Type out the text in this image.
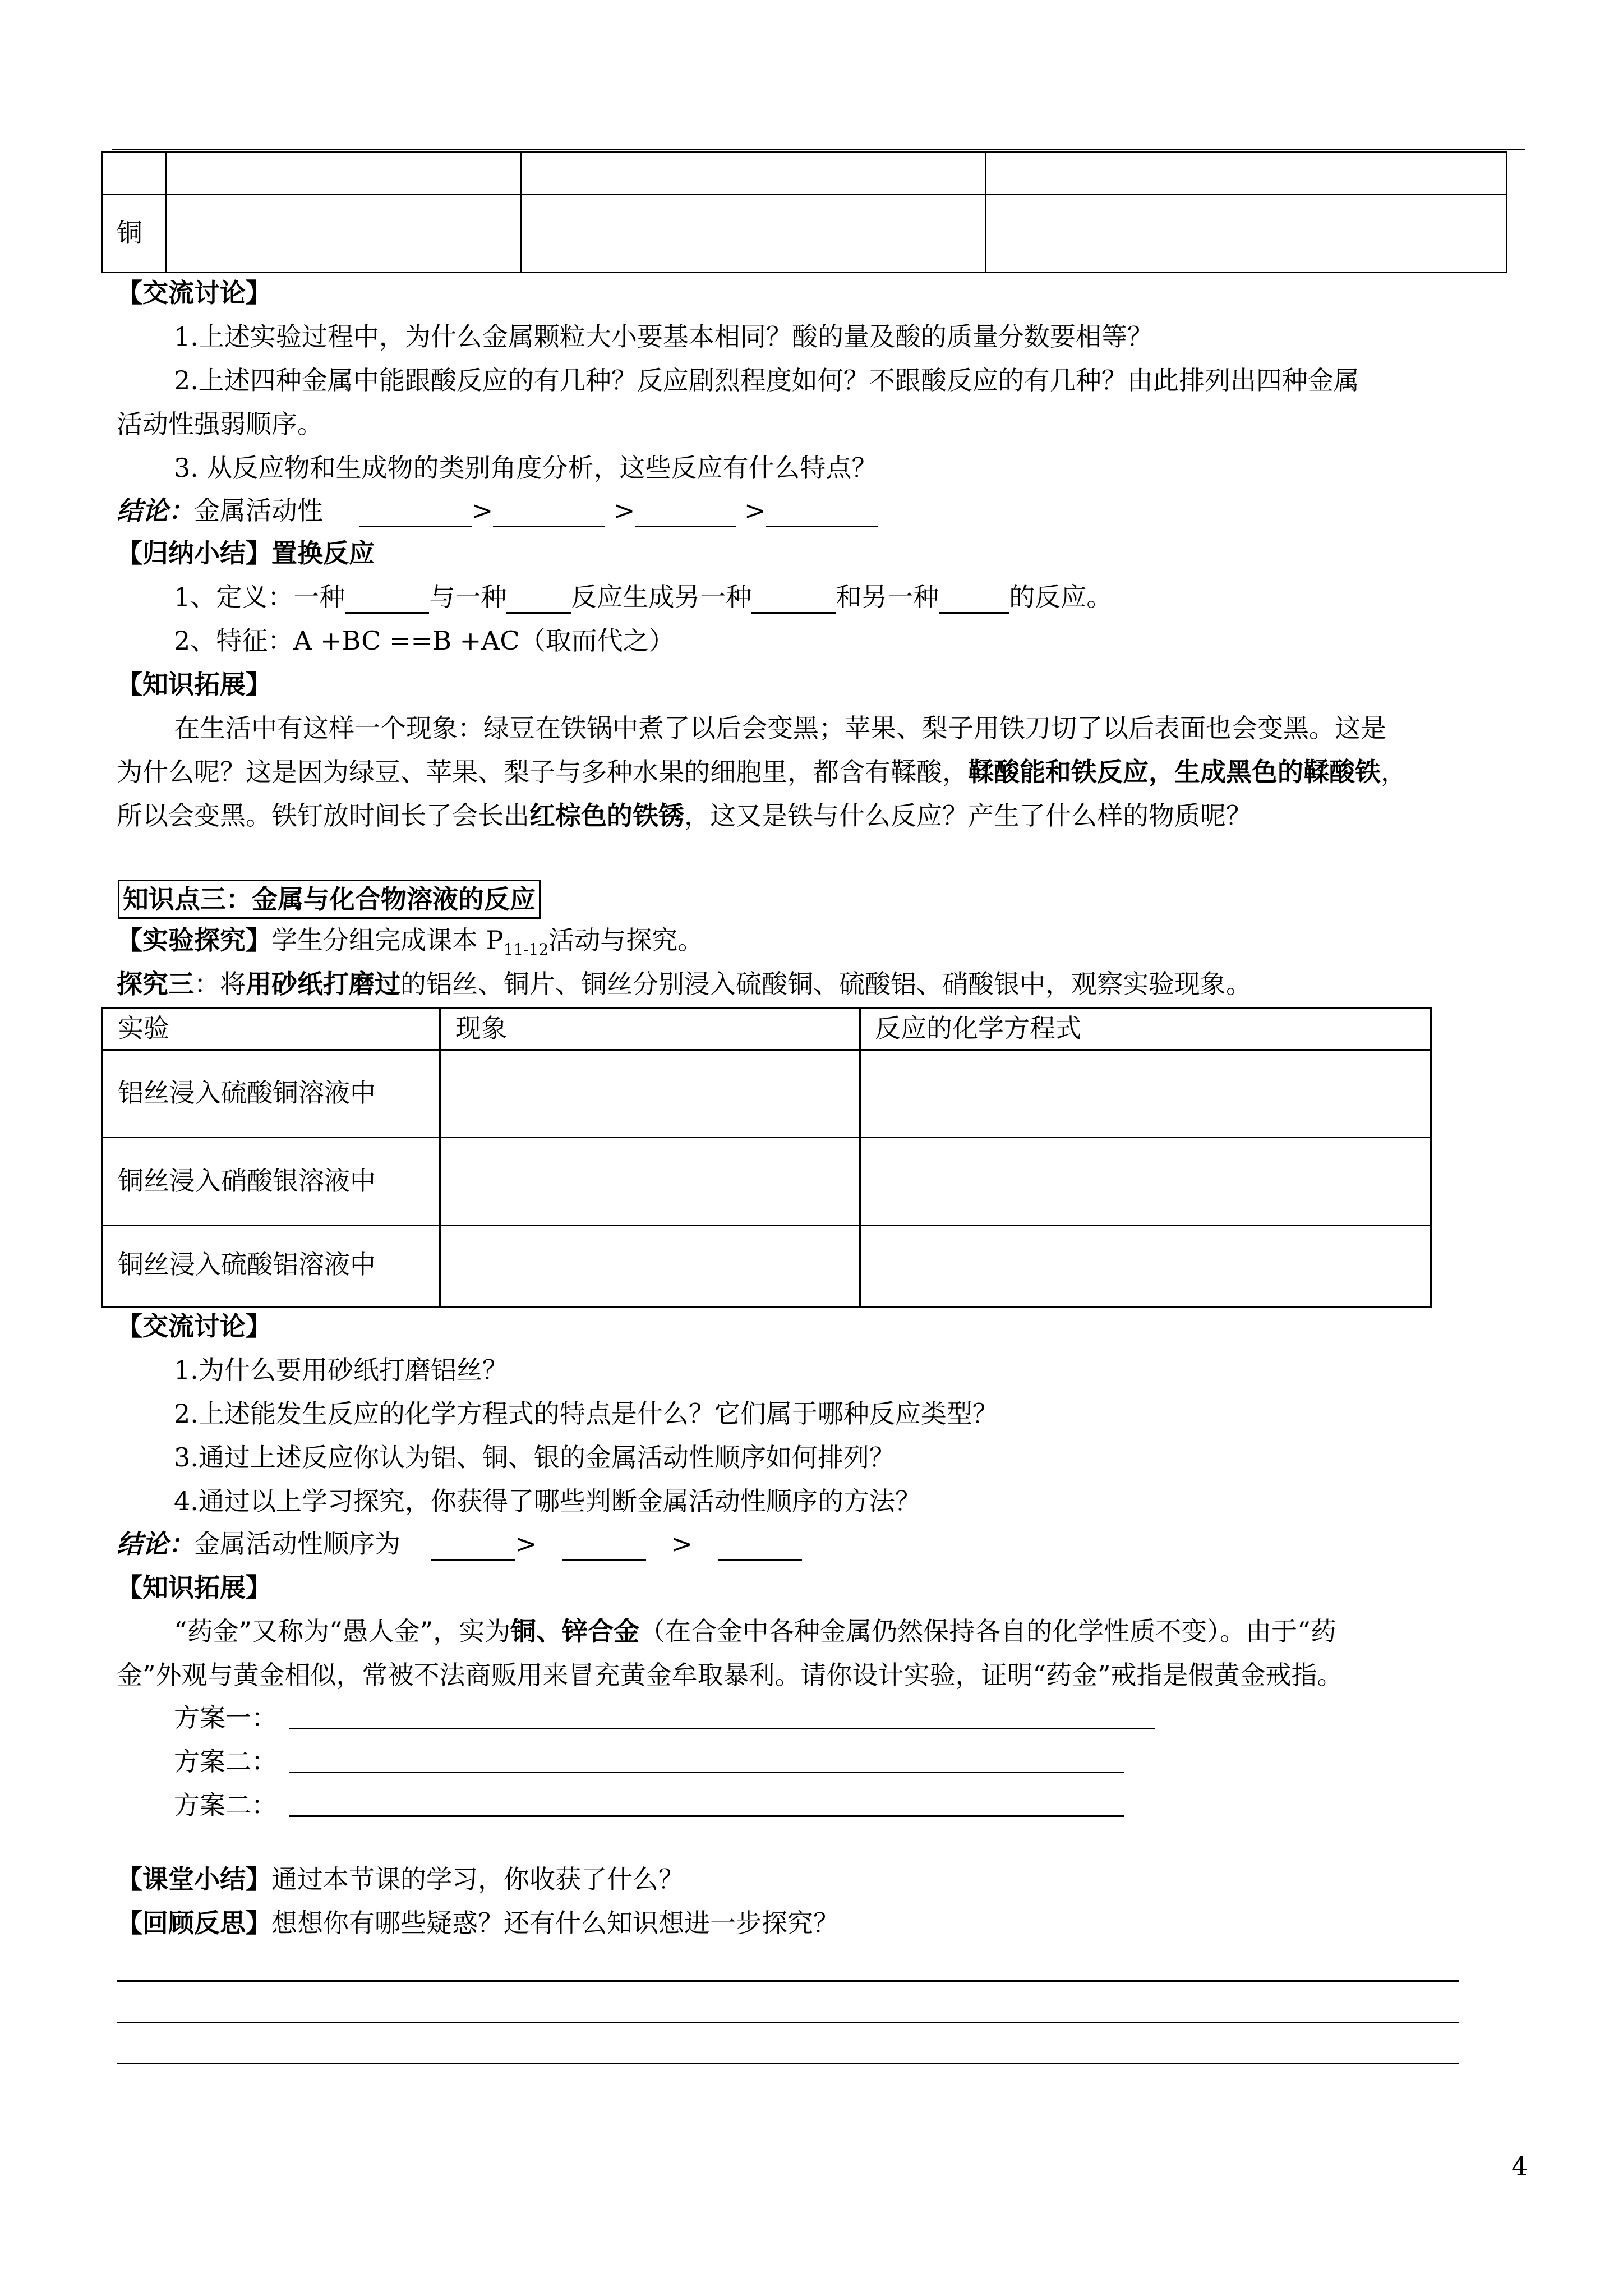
铜
【交流讨论】
1.上述实验过程中，为什么金属颗粒大小要基本相同？酸的量及酸的质量分数要相等？
2.上述四种金属中能跟酸反应的有几种？反应剧烈程度如何？不跟酸反应的有几种？由此排列出四种金属
活动性强弱顺序。
3. 从反应物和生成物的类别角度分析，这些反应有什么特点？
结论：金属活动性	>	>	>
【归纳小结】置换反应
1、定义：一种	与一种	反应生成另一种	和另一种	的反应。
2、特征：A +BC ==B +AC（取而代之）
【知识拓展】
在生活中有这样一个现象：绿豆在铁锅中煮了以后会变黑；苹果、梨子用铁刀切了以后表面也会变黑。这是
为什么呢？这是因为绿豆、苹果、梨子与多种水果的细胞里，都含有鞣酸，鞣酸能和铁反应，生成黑色的鞣酸铁，
所以会变黑。铁钉放时间长了会长出红棕色的铁锈，这又是铁与什么反应？产生了什么样的物质呢？
知识点三：金属与化合物溶液的反应
【实验探究】学生分组完成课本 $P_{11-12}$活动与探究。
探究三：将用砂纸打磨过的铝丝、铜片、铜丝分别浸入硫酸铜、硫酸铝、硝酸银中，观察实验现象。
实验	现象	反应的化学方程式
铝丝浸入硫酸铜溶液中
铜丝浸入硝酸银溶液中
铜丝浸入硫酸铝溶液中
【交流讨论】
1.为什么要用砂纸打磨铝丝？
2.上述能发生反应的化学方程式的特点是什么？它们属于哪种反应类型？
3.通过上述反应你认为铝、铜、银的金属活动性顺序如何排列？
4.通过以上学习探究，你获得了哪些判断金属活动性顺序的方法？
结论：金属活动性顺序为	>	>
【知识拓展】
“药金”又称为“愚人金”，实为铜、锌合金（在合金中各种金属仍然保持各自的化学性质不变）。由于“药
金”外观与黄金相似，常被不法商贩用来冒充黄金牟取暴利。请你设计实验，证明“药金”戒指是假黄金戒指。
方案一：
方案二：
方案二：
【课堂小结】通过本节课的学习，你收获了什么？
【回顾反思】想想你有哪些疑惑？还有什么知识想进一步探究？
4
